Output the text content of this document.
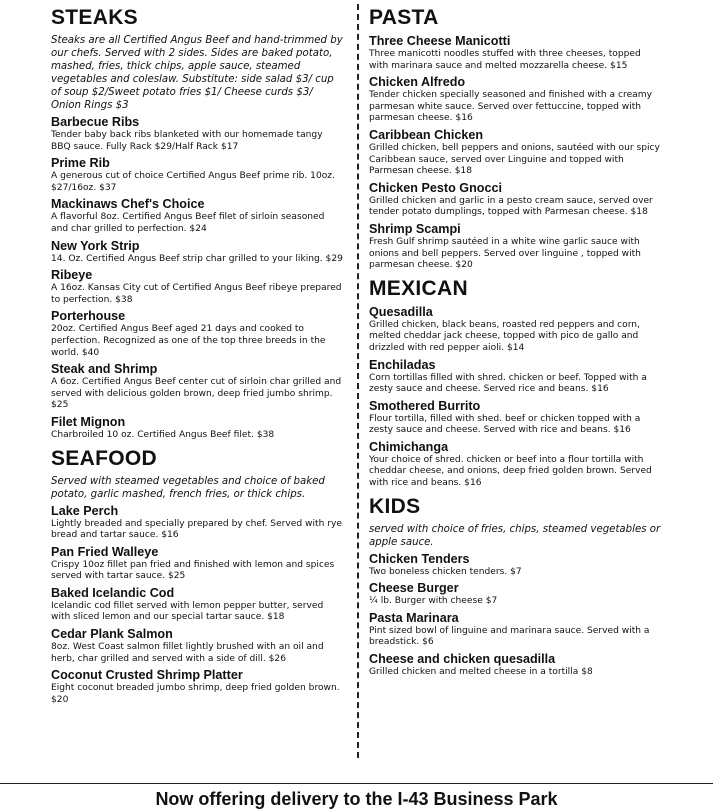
STEAKS
Steaks are all Certified Angus Beef and hand-trimmed by our chefs. Served with 2 sides. Sides are baked potato, mashed, fries, thick chips, apple sauce, steamed vegetables and coleslaw. Substitute: side salad $3/ cup of soup $2/Sweet potato fries $1/ Cheese curds $3/ Onion Rings $3
Barbecue Ribs
Tender baby back ribs blanketed with our homemade tangy BBQ sauce. Fully Rack $29/Half Rack $17
Prime Rib
A generous cut of choice Certified Angus Beef prime rib. 10oz. $27/16oz. $37
Mackinaws Chef's Choice
A flavorful 8oz. Certified Angus Beef filet of sirloin seasoned and char grilled to perfection. $24
New York Strip
14. Oz. Certified Angus Beef strip char grilled to your liking. $29
Ribeye
A 16oz. Kansas City cut of Certified Angus Beef ribeye prepared to perfection. $38
Porterhouse
20oz. Certified Angus Beef aged 21 days and cooked to perfection. Recognized as one of the top three breeds in the world. $40
Steak and Shrimp
A 6oz. Certified Angus Beef center cut of sirloin char grilled and served with delicious golden brown, deep fried jumbo shrimp. $25
Filet Mignon
Charbroiled 10 oz. Certified Angus Beef filet. $38
SEAFOOD
Served with steamed vegetables and choice of baked potato, garlic mashed, french fries, or thick chips.
Lake Perch
Lightly breaded and specially prepared by chef. Served with rye bread and tartar sauce. $16
Pan Fried Walleye
Crispy 10oz fillet pan fried and finished with lemon and spices served with tartar sauce. $25
Baked Icelandic Cod
Icelandic cod fillet served with lemon pepper butter, served with sliced lemon and our special tartar sauce. $18
Cedar Plank Salmon
8oz. West Coast salmon fillet lightly brushed with an oil and herb, char grilled and served with a side of dill. $26
Coconut Crusted Shrimp Platter
Eight coconut breaded jumbo shrimp, deep fried golden brown. $20
PASTA
Three Cheese Manicotti
Three manicotti noodles stuffed with three cheeses, topped with marinara sauce and melted mozzarella cheese. $15
Chicken Alfredo
Tender chicken specially seasoned and finished with a creamy parmesan white sauce. Served over fettuccine, topped with parmesan cheese. $16
Caribbean Chicken
Grilled chicken, bell peppers and onions, sautéed with our spicy Caribbean sauce, served over Linguine and topped with Parmesan cheese. $18
Chicken Pesto Gnocci
Grilled chicken and garlic in a pesto cream sauce, served over tender potato dumplings, topped with Parmesan cheese. $18
Shrimp Scampi
Fresh Gulf shrimp sautéed in a white wine garlic sauce with onions and bell peppers. Served over linguine , topped with parmesan cheese. $20
MEXICAN
Quesadilla
Grilled chicken, black beans, roasted red peppers and corn, melted cheddar jack cheese, topped with pico de gallo and drizzled with red pepper aioli. $14
Enchiladas
Corn tortillas filled with shred. chicken or beef. Topped with a zesty sauce and cheese. Served rice and beans. $16
Smothered Burrito
Flour tortilla, filled with shed. beef or chicken topped with a zesty sauce and cheese. Served with rice and beans. $16
Chimichanga
Your choice of shred. chicken or beef into a flour tortilla with cheddar cheese, and onions, deep fried golden brown. Served with rice and beans. $16
KIDS
served with choice of fries, chips, steamed vegetables or apple sauce.
Chicken Tenders
Two boneless chicken tenders. $7
Cheese Burger
¼ lb. Burger with cheese $7
Pasta Marinara
Pint sized bowl of linguine and marinara sauce. Served with a breadstick. $6
Cheese and chicken quesadilla
Grilled chicken and melted cheese in a tortilla $8
Now offering delivery to the I-43 Business Park
